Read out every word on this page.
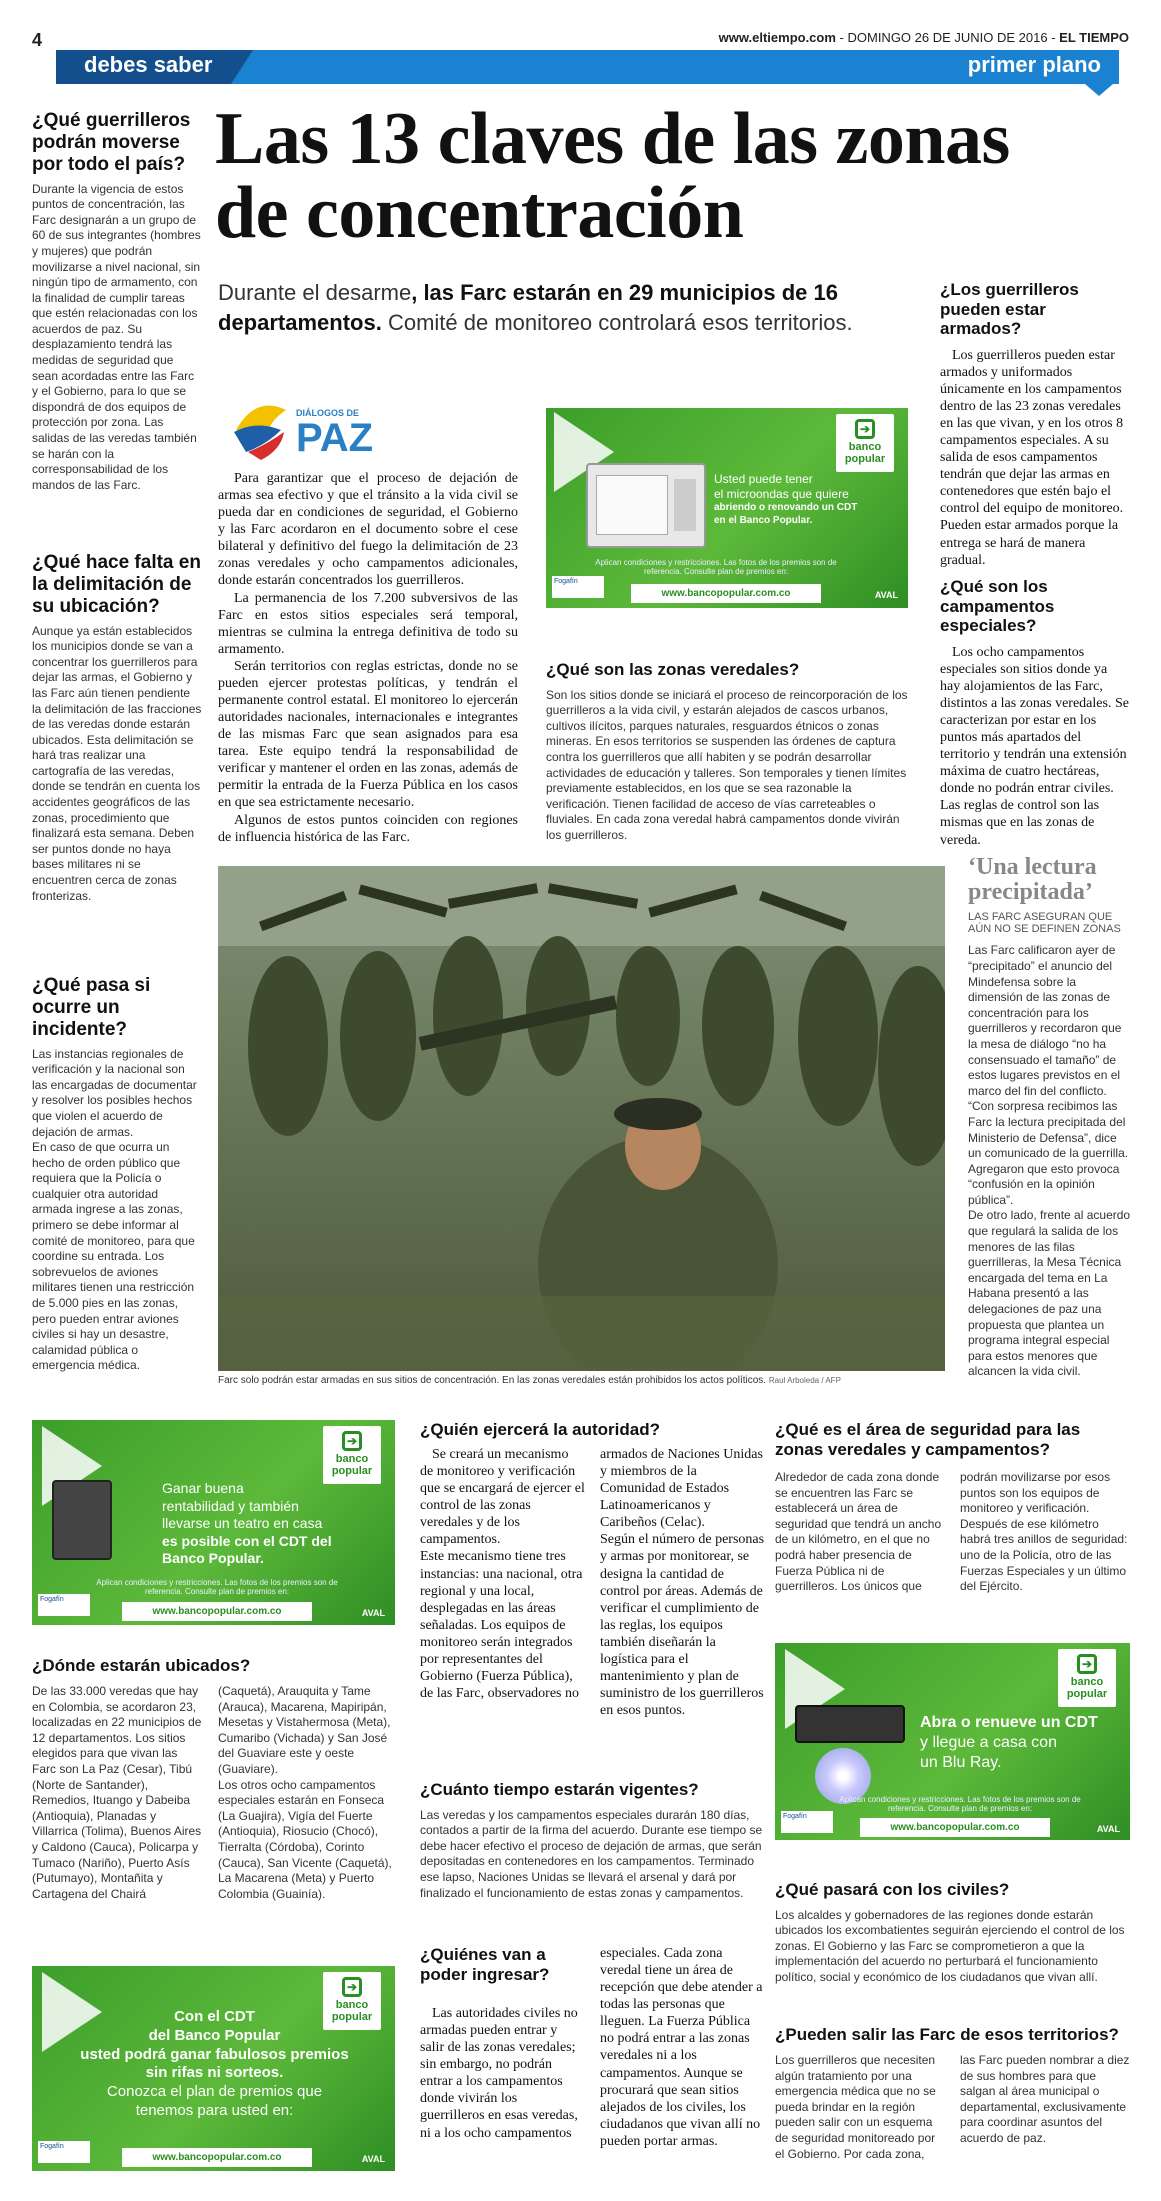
4	www.eltiempo.com - DOMINGO 26 DE JUNIO DE 2016 - EL TIEMPO
debes saber	primer plano
Las 13 claves de las zonas de concentración
Durante el desarme, las Farc estarán en 29 municipios de 16 departamentos. Comité de monitoreo controlará esos territorios.
¿Qué guerrilleros podrán moverse por todo el país?
Durante la vigencia de estos puntos de concentración, las Farc designarán a un grupo de 60 de sus integrantes (hombres y mujeres) que podrán movilizarse a nivel nacional, sin ningún tipo de armamento, con la finalidad de cumplir tareas que estén relacionadas con los acuerdos de paz. Su desplazamiento tendrá las medidas de seguridad que sean acordadas entre las Farc y el Gobierno, para lo que se dispondrá de dos equipos de protección por zona. Las salidas de las veredas también se harán con la corresponsabilidad de los mandos de las Farc.
¿Qué hace falta en la delimitación de su ubicación?
Aunque ya están establecidos los municipios donde se van a concentrar los guerrilleros para dejar las armas, el Gobierno y las Farc aún tienen pendiente la delimitación de las fracciones de las veredas donde estarán ubicados. Esta delimitación se hará tras realizar una cartografía de las veredas, donde se tendrán en cuenta los accidentes geográficos de las zonas, procedimiento que finalizará esta semana. Deben ser puntos donde no haya bases militares ni se encuentren cerca de zonas fronterizas.
¿Qué pasa si ocurre un incidente?
Las instancias regionales de verificación y la nacional son las encargadas de documentar y resolver los posibles hechos que violen el acuerdo de dejación de armas.
En caso de que ocurra un hecho de orden público que requiera que la Policía o cualquier otra autoridad armada ingrese a las zonas, primero se debe informar al comité de monitoreo, para que coordine su entrada. Los sobrevuelos de aviones militares tienen una restricción de 5.000 pies en las zonas, pero pueden entrar aviones civiles si hay un desastre, calamidad pública o emergencia médica.
DIÁLOGOS DE
PAZ

Para garantizar que el proceso de dejación de armas sea efectivo y que el tránsito a la vida civil se pueda dar en condiciones de seguridad, el Gobierno y las Farc acordaron en el documento sobre el cese bilateral y definitivo del fuego la delimitación de 23 zonas veredales y ocho campamentos adicionales, donde estarán concentrados los guerrilleros.

La permanencia de los 7.200 subversivos de las Farc en estos sitios especiales será temporal, mientras se culmina la entrega definitiva de todo su armamento.

Serán territorios con reglas estrictas, donde no se pueden ejercer protestas políticas, y tendrán el permanente control estatal. El monitoreo lo ejercerán autoridades nacionales, internacionales e integrantes de las mismas Farc que sean asignados para esa tarea. Este equipo tendrá la responsabilidad de verificar y mantener el orden en las zonas, además de permitir la entrada de la Fuerza Pública en los casos en que sea estrictamente necesario.

Algunos de estos puntos coinciden con regiones de influencia histórica de las Farc.

➔
banco popular
Usted puede tener
el microondas que quiere
abriendo o renovando un CDT
en el Banco Popular.
Aplican condiciones y restricciones. Las fotos de los premios son de referencia. Consulte plan de premios en:
Fogafín
www.bancopopular.com.co	AVAL
¿Qué son las zonas veredales?
Son los sitios donde se iniciará el proceso de reincorporación de los guerrilleros a la vida civil, y estarán alejados de cascos urbanos, cultivos ilícitos, parques naturales, resguardos étnicos o zonas mineras. En esos territorios se suspenden las órdenes de captura contra los guerrilleros que allí habiten y se podrán desarrollar actividades de educación y talleres. Son temporales y tienen límites previamente establecidos, en los que se sea razonable la verificación. Tienen facilidad de acceso de vías carreteables o fluviales. En cada zona veredal habrá campamentos donde vivirán los guerrilleros.
¿Los guerrilleros pueden estar armados?
Los guerrilleros pueden estar armados y uniformados únicamente en los campamentos dentro de las 23 zonas veredales en las que vivan, y en los otros 8 campamentos especiales. A su salida de esos campamentos tendrán que dejar las armas en contenedores que estén bajo el control del equipo de monitoreo. Pueden estar armados porque la entrega se hará de manera gradual.
¿Qué son los campamentos especiales?
Los ocho campamentos especiales son sitios donde ya hay alojamientos de las Farc, distintos a las zonas veredales. Se caracterizan por estar en los puntos más apartados del territorio y tendrán una extensión máxima de cuatro hectáreas, donde no podrán entrar civiles. Las reglas de control son las mismas que en las zonas de vereda.
‘Una lectura precipitada’
LAS FARC ASEGURAN QUE AÚN NO SE DEFINEN ZONAS
Las Farc calificaron ayer de “precipitado” el anuncio del Mindefensa sobre la dimensión de las zonas de concentración para los guerrilleros y recordaron que la mesa de diálogo “no ha consensuado el tamaño” de estos lugares previstos en el marco del fin del conflicto.
“Con sorpresa recibimos las Farc la lectura precipitada del Ministerio de Defensa”, dice un comunicado de la guerrilla. Agregaron que esto provoca “confusión en la opinión pública”.
De otro lado, frente al acuerdo que regulará la salida de los menores de las filas guerrilleras, la Mesa Técnica encargada del tema en La Habana presentó a las delegaciones de paz una propuesta que plantea un programa integral especial para estos menores que alcancen la vida civil.
Farc solo podrán estar armadas en sus sitios de concentración. En las zonas veredales están prohibidos los actos políticos. Raul Arboleda / AFP
➔
banco popular
Ganar buena
rentabilidad y también
llevarse un teatro en casa
es posible con el CDT del
Banco Popular.
Aplican condiciones y restricciones. Las fotos de los premios son de referencia. Consulte plan de premios en:
Fogafín
www.bancopopular.com.co	AVAL
¿Quién ejercerá la autoridad?
Se creará un mecanismo de monitoreo y verificación que se encargará de ejercer el control de las zonas veredales y de los campamentos.
Este mecanismo tiene tres instancias: una nacional, otra regional y una local, desplegadas en las áreas señaladas. Los equipos de monitoreo serán integrados por representantes del Gobierno (Fuerza Pública), de las Farc, observadores no
armados de Naciones Unidas y miembros de la Comunidad de Estados Latinoamericanos y Caribeños (Celac).
Según el número de personas y armas por monitorear, se designa la cantidad de control por áreas. Además de verificar el cumplimiento de las reglas, los equipos también diseñarán la logística para el mantenimiento y plan de suministro de los guerrilleros en esos puntos.
¿Qué es el área de seguridad para las zonas veredales y campamentos?
Alrededor de cada zona donde se encuentren las Farc se establecerá un área de seguridad que tendrá un ancho de un kilómetro, en el que no podrá haber presencia de Fuerza Pública ni de guerrilleros. Los únicos que
podrán movilizarse por esos puntos son los equipos de monitoreo y verificación. Después de ese kilómetro habrá tres anillos de seguridad: uno de la Policía, otro de las Fuerzas Especiales y un último del Ejército.
➔
banco popular
Abra o renueve un CDT
y llegue a casa con
un Blu Ray.
Aplican condiciones y restricciones. Las fotos de los premios son de referencia. Consulte plan de premios en:
Fogafín
www.bancopopular.com.co	AVAL
¿Dónde estarán ubicados?
De las 33.000 veredas que hay en Colombia, se acordaron 23, localizadas en 22 municipios de 12 departamentos. Los sitios elegidos para que vivan las Farc son La Paz (Cesar), Tibú (Norte de Santander), Remedios, Ituango y Dabeiba (Antioquia), Planadas y Villarrica (Tolima), Buenos Aires y Caldono (Cauca), Policarpa y Tumaco (Nariño), Puerto Asís (Putumayo), Montañita y Cartagena del Chairá
(Caquetá), Arauquita y Tame (Arauca), Macarena, Mapiripán, Mesetas y Vistahermosa (Meta), Cumaribo (Vichada) y San José del Guaviare este y oeste (Guaviare).
Los otros ocho campamentos especiales estarán en Fonseca (La Guajira), Vigía del Fuerte (Antioquia), Riosucio (Chocó), Tierralta (Córdoba), Corinto (Cauca), San Vicente (Caquetá), La Macarena (Meta) y Puerto Colombia (Guainía).
¿Cuánto tiempo estarán vigentes?
Las veredas y los campamentos especiales durarán 180 días, contados a partir de la firma del acuerdo. Durante ese tiempo se debe hacer efectivo el proceso de dejación de armas, que serán depositadas en contenedores en los campamentos. Terminado ese lapso, Naciones Unidas se llevará el arsenal y dará por finalizado el funcionamiento de estas zonas y campamentos.
¿Quiénes van a poder ingresar?
Las autoridades civiles no armadas pueden entrar y salir de las zonas veredales; sin embargo, no podrán entrar a los campamentos donde vivirán los guerrilleros en esas veredas, ni a los ocho campamentos
especiales. Cada zona veredal tiene un área de recepción que debe atender a todas las personas que lleguen. La Fuerza Pública no podrá entrar a las zonas veredales ni a los campamentos. Aunque se procurará que sean sitios alejados de los civiles, los ciudadanos que vivan allí no pueden portar armas.
➔
banco popular
Con el CDT
del Banco Popular
usted podrá ganar fabulosos premios
sin rifas ni sorteos.
Conozca el plan de premios que
tenemos para usted en:
Fogafín
www.bancopopular.com.co	AVAL
¿Qué pasará con los civiles?
Los alcaldes y gobernadores de las regiones donde estarán ubicados los excombatientes seguirán ejerciendo el control de los zonas. El Gobierno y las Farc se comprometieron a que la implementación del acuerdo no perturbará el funcionamiento político, social y económico de los ciudadanos que vivan allí.
¿Pueden salir las Farc de esos territorios?
Los guerrilleros que necesiten algún tratamiento por una emergencia médica que no se pueda brindar en la región pueden salir con un esquema de seguridad monitoreado por el Gobierno. Por cada zona,
las Farc pueden nombrar a diez de sus hombres para que salgan al área municipal o departamental, exclusivamente para coordinar asuntos del acuerdo de paz.
